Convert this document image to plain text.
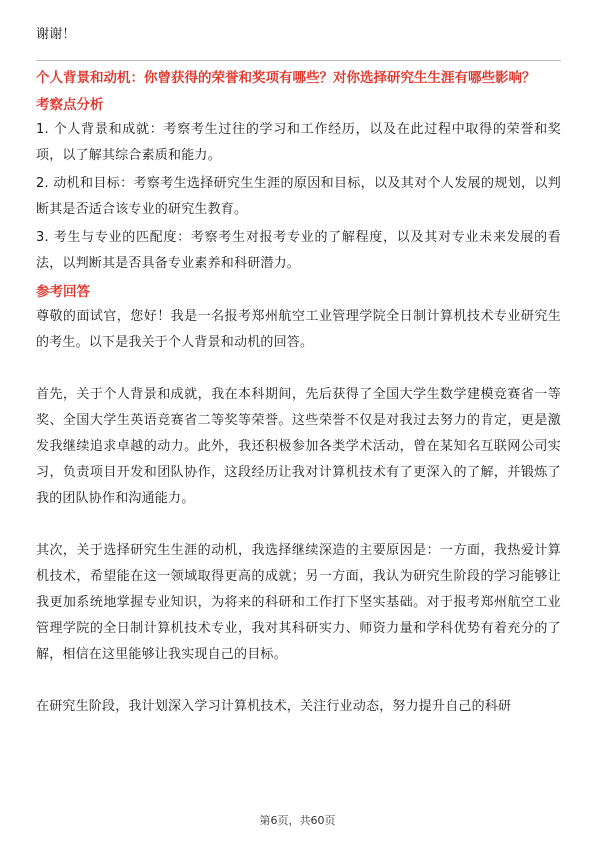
谢谢！

个人背景和动机：你曾获得的荣誉和奖项有哪些？对你选择研究生生涯有哪些影响？

考察点分析

1. 个人背景和成就：考察考生过往的学习和工作经历，以及在此过程中取得的荣誉和奖项，以了解其综合素质和能力。

2. 动机和目标：考察考生选择研究生生涯的原因和目标，以及其对个人发展的规划，以判断其是否适合该专业的研究生教育。

3. 考生与专业的匹配度：考察考生对报考专业的了解程度，以及其对专业未来发展的看法，以判断其是否具备专业素养和科研潜力。

参考回答

尊敬的面试官，您好！我是一名报考郑州航空工业管理学院全日制计算机技术专业研究生的考生。以下是我关于个人背景和动机的回答。

首先，关于个人背景和成就，我在本科期间，先后获得了全国大学生数学建模竞赛省一等奖、全国大学生英语竞赛省二等奖等荣誉。这些荣誉不仅是对我过去努力的肯定，更是激发我继续追求卓越的动力。此外，我还积极参加各类学术活动，曾在某知名互联网公司实习，负责项目开发和团队协作，这段经历让我对计算机技术有了更深入的了解，并锻炼了我的团队协作和沟通能力。

其次，关于选择研究生生涯的动机，我选择继续深造的主要原因是：一方面，我热爱计算机技术，希望能在这一领域取得更高的成就；另一方面，我认为研究生阶段的学习能够让我更加系统地掌握专业知识，为将来的科研和工作打下坚实基础。对于报考郑州航空工业管理学院的全日制计算机技术专业，我对其科研实力、师资力量和学科优势有着充分的了解，相信在这里能够让我实现自己的目标。

在研究生阶段，我计划深入学习计算机技术，关注行业动态，努力提升自己的科研

第6页，共60页
